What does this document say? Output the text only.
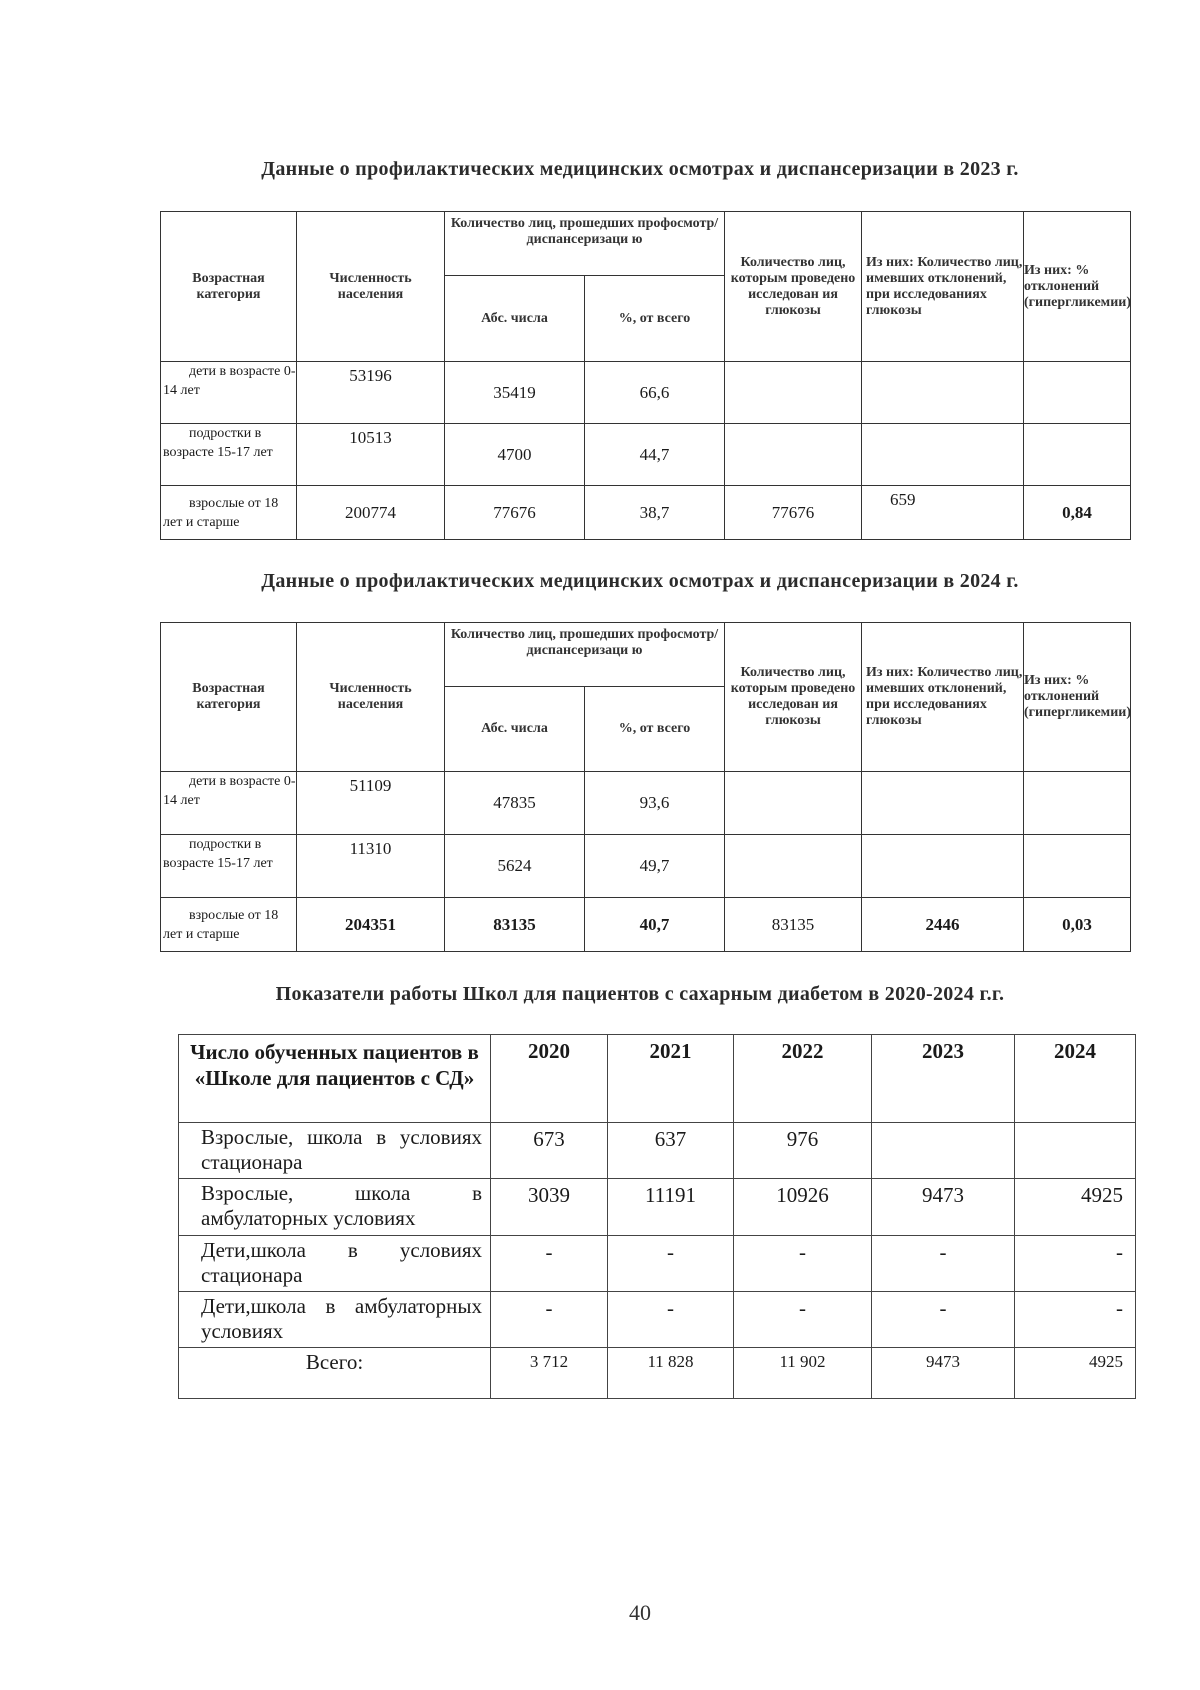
Данные о профилактических медицинских осмотрах и диспансеризации в 2023 г.
Возрастная категория	Численность населения	Количество лиц, прошедших профосмотр/диспансеризаци ю		Количество лиц, которым проведено исследован ия глюкозы	Из них: Количество лиц, имевших отклонений, при исследованиях глюкозы	Из них: % отклонений (гипергликемии)
		Абс. числа	%, от всего			
дети в возрасте 0-14 лет	53196	35419	66,6			
подростки в возрасте 15-17 лет	10513	4700	44,7			
взрослые от 18 лет и старше	200774	77676	38,7	77676	659	0,84
Данные о профилактических медицинских осмотрах и диспансеризации в 2024 г.
Возрастная категория	Численность населения	Количество лиц, прошедших профосмотр/диспансеризаци ю		Количество лиц, которым проведено исследован ия глюкозы	Из них: Количество лиц, имевших отклонений, при исследованиях глюкозы	Из них: % отклонений (гипергликемии)
		Абс. числа	%, от всего			
дети в возрасте 0-14 лет	51109	47835	93,6			
подростки в возрасте 15-17 лет	11310	5624	49,7			
взрослые от 18 лет и старше	204351	83135	40,7	83135	2446	0,03
Показатели работы Школ для пациентов с сахарным диабетом в 2020-2024 г.г.
Число обученных пациентов в «Школе для пациентов с СД»	2020	2021	2022	2023	2024
Взрослые, школа в условиях стационара	673	637	976		
Взрослые, школа в амбулаторных условиях	3039	11191	10926	9473	4925
Дети,школа в условиях стационара	-	-	-	-	-
Дети,школа в амбулаторных условиях	-	-	-	-	-
Всего:	3 712	11 828	11 902	9473	4925
40
